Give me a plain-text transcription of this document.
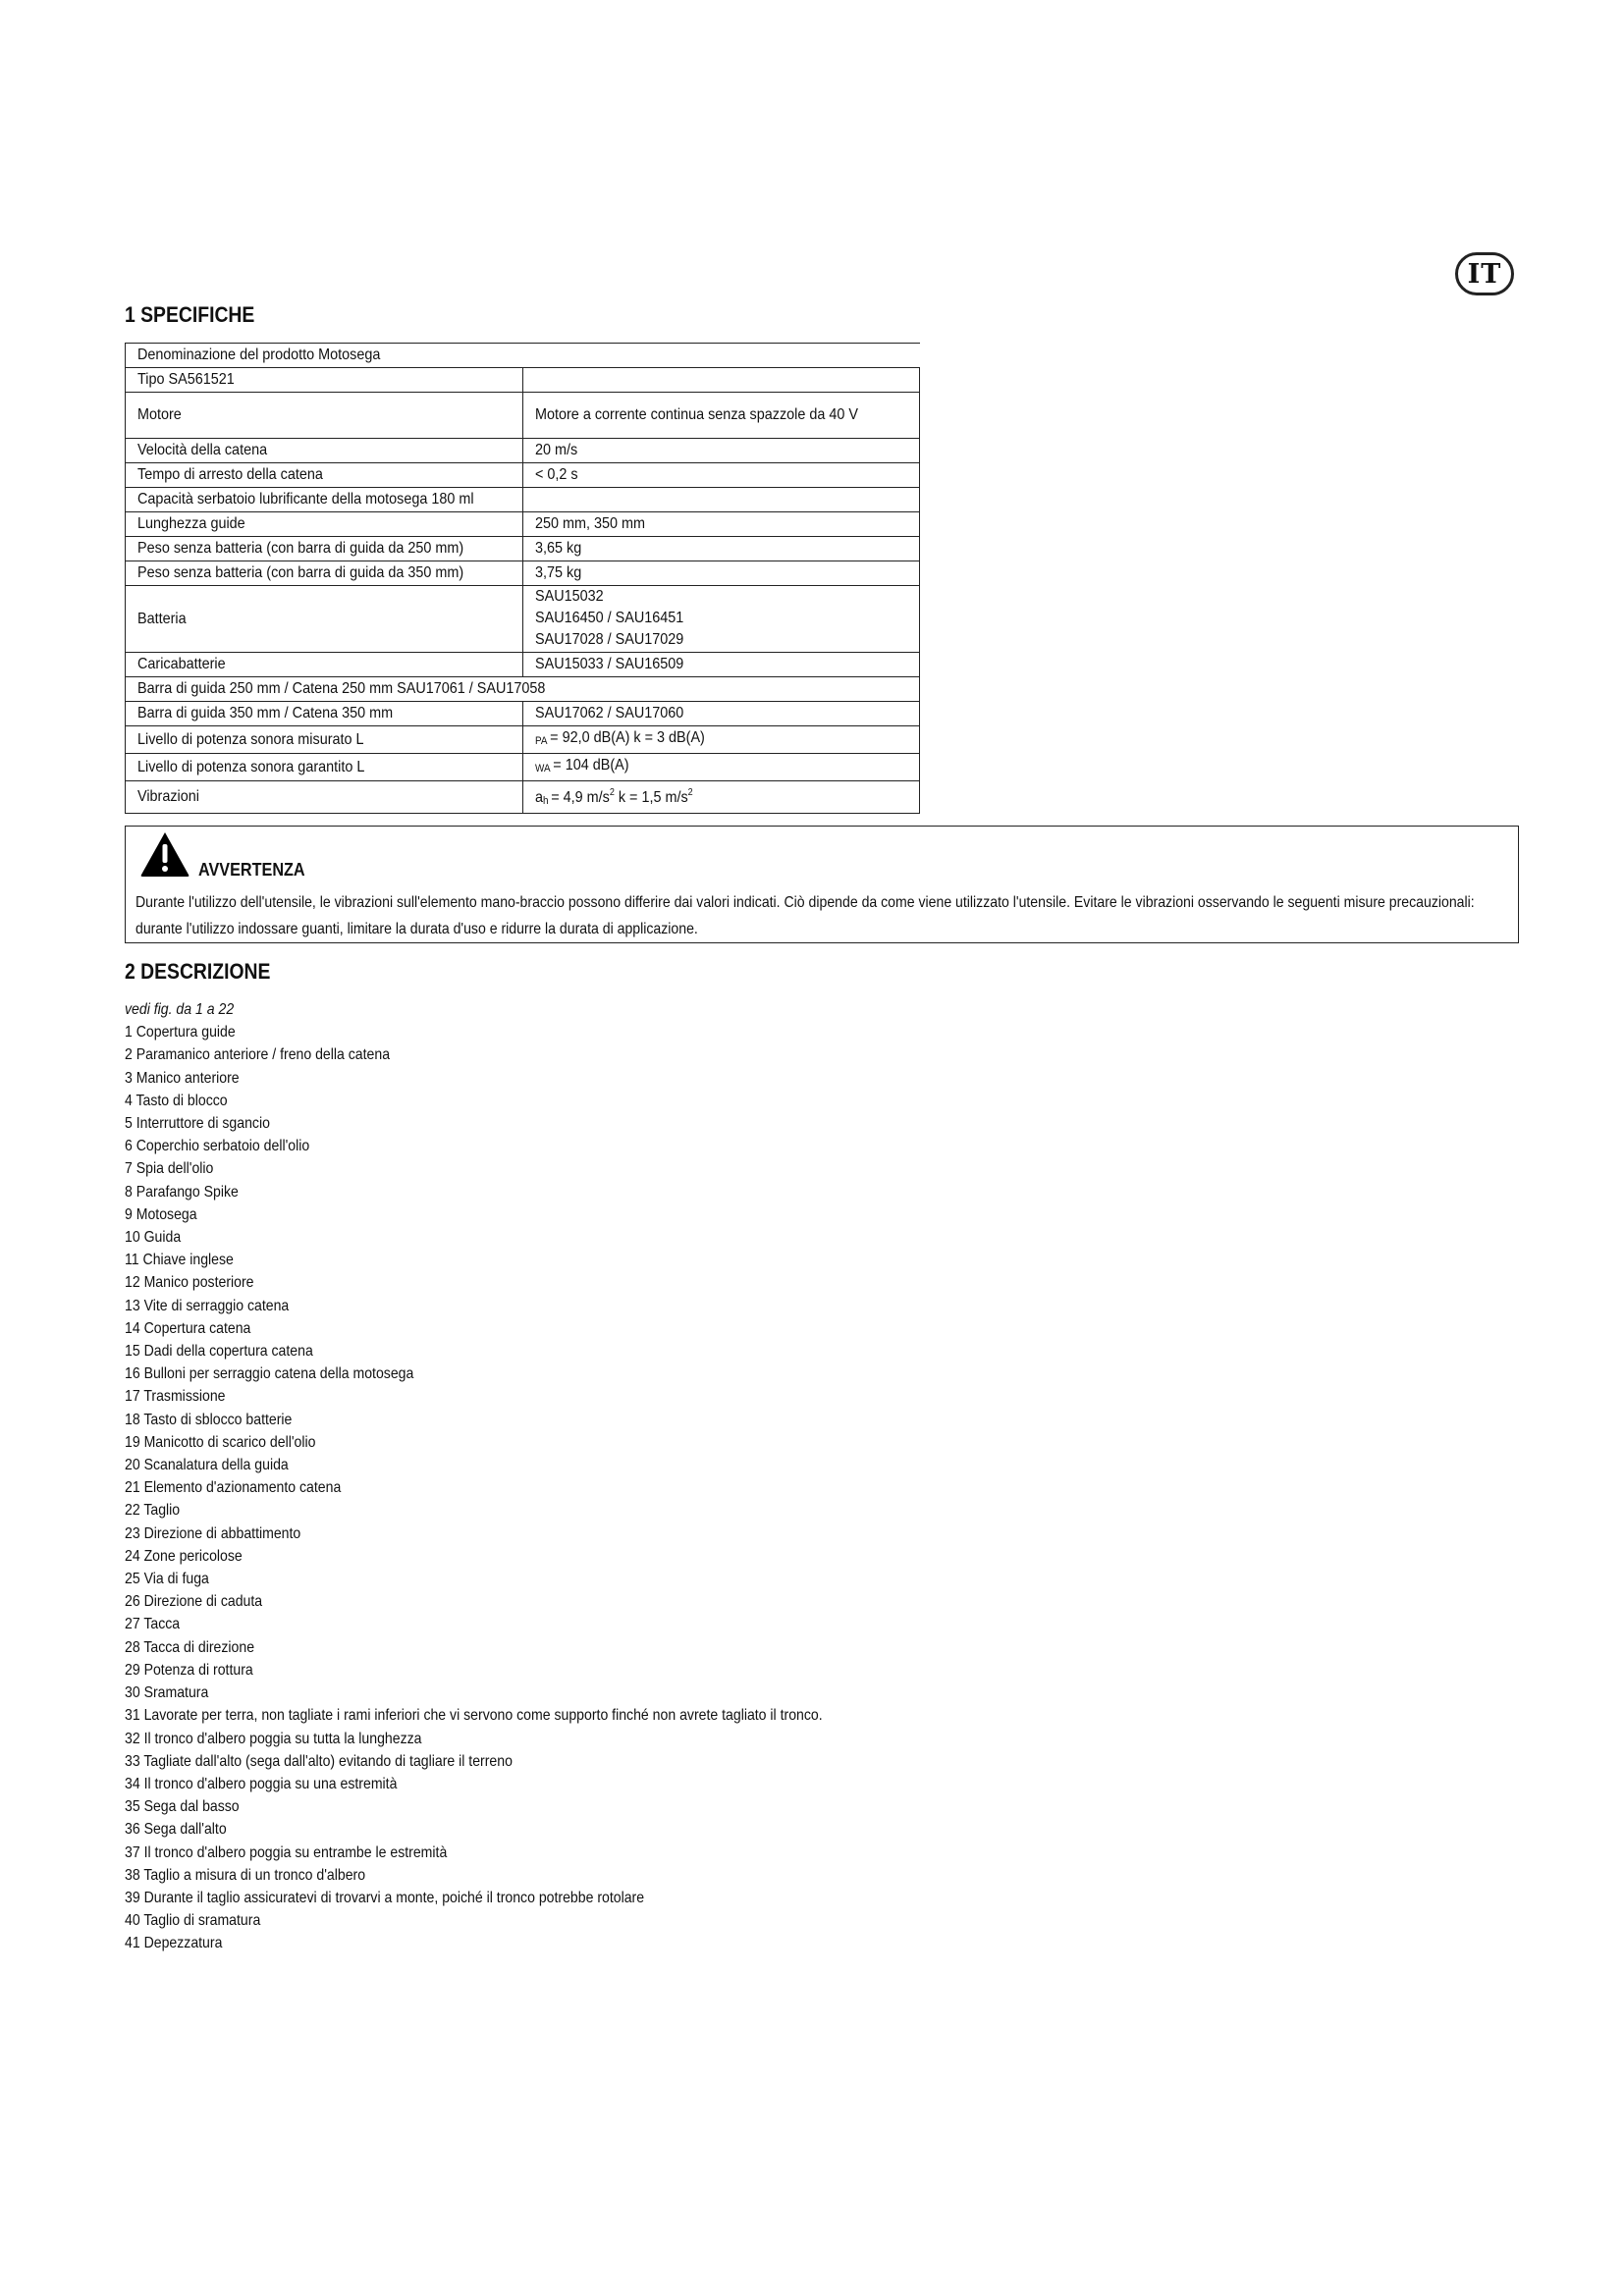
IT
1 SPECIFICHE
Denominazione del prodotto Motosega	
Tipo SA561521	
Motore	Motore a corrente continua senza spazzole da 40 V
Velocità della catena	20 m/s
Tempo di arresto della catena	< 0,2 s
Capacità serbatoio lubrificante della motosega 180 ml	
Lunghezza guide	250 mm, 350 mm
Peso senza batteria (con barra di guida da 250 mm)	3,65 kg
Peso senza batteria (con barra di guida da 350 mm)	3,75 kg
Batteria	SAU15032
SAU16450 / SAU16451
SAU17028 / SAU17029

Caricabatterie	SAU15033 / SAU16509
Barra di guida 250 mm / Catena 250 mm SAU17061 / SAU17058	
Barra di guida 350 mm / Catena 350 mm	SAU17062 / SAU17060
Livello di potenza sonora misurato L	PA = 92,0 dB(A) k = 3 dB(A)
Livello di potenza sonora garantito L	WA = 104 dB(A)
Vibrazioni	ah = 4,9 $m/s^2$ k = 1,5 $m/s^2$
AVVERTENZA
Durante l'utilizzo dell'utensile, le vibrazioni sull'elemento mano-braccio possono differire dai valori indicati. Ciò dipende da come viene utilizzato l'utensile. Evitare le vibrazioni osservando le seguenti misure precauzionali: durante l'utilizzo indossare guanti, limitare la durata d'uso e ridurre la durata di applicazione.
2 DESCRIZIONE
vedi fig. da 1 a 22
1 Copertura guide
2 Paramanico anteriore / freno della catena
3 Manico anteriore
4 Tasto di blocco
5 Interruttore di sgancio
6 Coperchio serbatoio dell'olio
7 Spia dell'olio
8 Parafango Spike
9 Motosega
10 Guida
11 Chiave inglese
12 Manico posteriore
13 Vite di serraggio catena
14 Copertura catena
15 Dadi della copertura catena
16 Bulloni per serraggio catena della motosega
17 Trasmissione
18 Tasto di sblocco batterie
19 Manicotto di scarico dell'olio
20 Scanalatura della guida
21 Elemento d'azionamento catena
22 Taglio
23 Direzione di abbattimento
24 Zone pericolose
25 Via di fuga
26 Direzione di caduta
27 Tacca
28 Tacca di direzione
29 Potenza di rottura
30 Sramatura
31 Lavorate per terra, non tagliate i rami inferiori che vi servono come supporto finché non avrete tagliato il tronco.
32 Il tronco d'albero poggia su tutta la lunghezza
33 Tagliate dall'alto (sega dall'alto) evitando di tagliare il terreno
34 Il tronco d'albero poggia su una estremità
35 Sega dal basso
36 Sega dall'alto
37 Il tronco d'albero poggia su entrambe le estremità
38 Taglio a misura di un tronco d'albero
39 Durante il taglio assicuratevi di trovarvi a monte, poiché il tronco potrebbe rotolare
40 Taglio di sramatura
41 Depezzatura
